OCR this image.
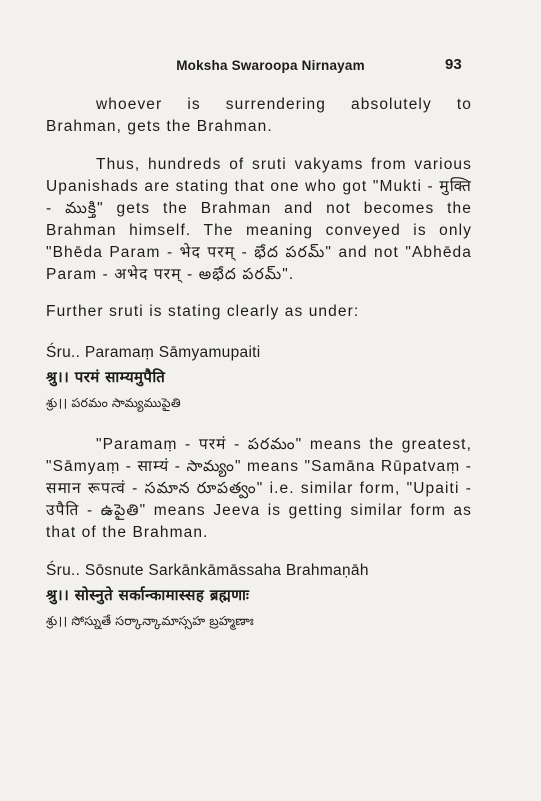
Moksha Swaroopa Nirnayam	93

whoever is surrendering absolutely to Brahman, gets the Brahman.

Thus, hundreds of sruti vakyams from various Upanishads are stating that one who got "Mukti - मुक्ति - ముక్తి" gets the Brahman and not becomes the Brahman himself. The meaning conveyed is only "Bhēda Param - भेद परम् - భేద పరమ్" and not "Abhēda Param - अभेद परम् - అభేద పరమ్".

Further sruti is stating clearly as under:

Śru.. Paramaṃ Sāmyamupaiti
श्रु।। परमं साम्यमुपैति
శ్రు।। పరమం సామ్యముపైతి

"Paramaṃ - परमं - పరమం" means the greatest, "Sāmyaṃ - साम्यं - సామ్యం" means "Samāna Rūpatvaṃ - समान रूपत्वं - సమాన రూపత్వం" i.e. similar form, "Upaiti - उपैति - ఉపైతి" means Jeeva is getting similar form as that of the Brahman.

Śru.. Sōsnute Sarkānkāmāssaha Brahmaṇāh
श्रु।। सोस्नुते सर्कान्कामास्सह ब्रह्मणाः
శ్రు।। సోస్నుతే సర్కాన్కామాస్సహ బ్రహ్మణాః
